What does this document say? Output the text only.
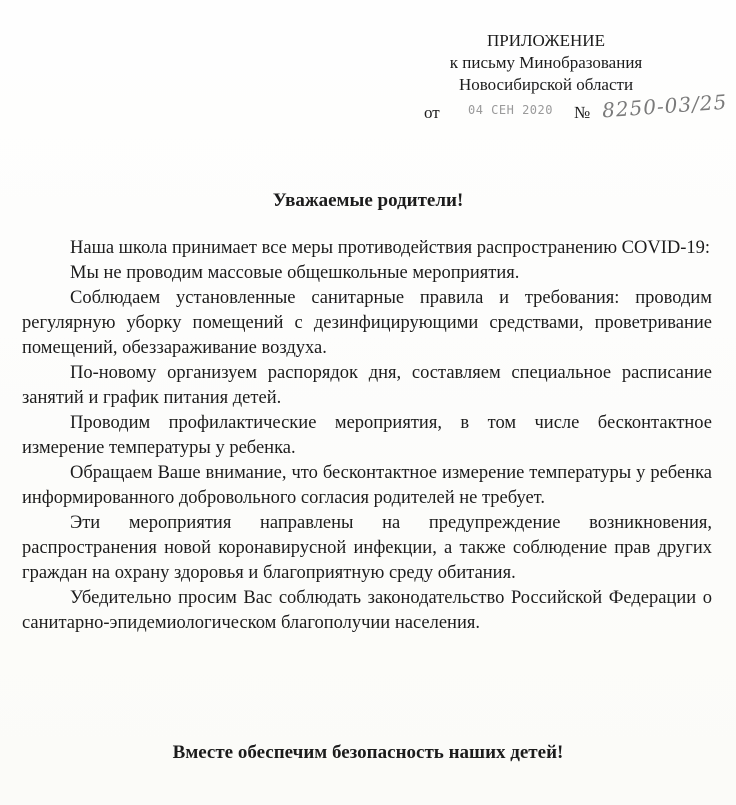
ПРИЛОЖЕНИЕ
к письму Минобразования
Новосибирской области
от 04 СЕН 2020 № 8250-03/25
Уважаемые родители!

Наша школа принимает все меры противодействия распространению COVID-19:

Мы не проводим массовые общешкольные мероприятия.

Соблюдаем установленные санитарные правила и требования: проводим регулярную уборку помещений с дезинфицирующими средствами, проветривание помещений, обеззараживание воздуха.

По-новому организуем распорядок дня, составляем специальное расписание занятий и график питания детей.

Проводим профилактические мероприятия, в том числе бесконтактное измерение температуры у ребенка.

Обращаем Ваше внимание, что бесконтактное измерение температуры у ребенка информированного добровольного согласия родителей не требует.

Эти мероприятия направлены на предупреждение возникновения, распространения новой коронавирусной инфекции, а также соблюдение прав других граждан на охрану здоровья и благоприятную среду обитания.

Убедительно просим Вас соблюдать законодательство Российской Федерации о санитарно-эпидемиологическом благополучии населения.

Вместе обеспечим безопасность наших детей!
